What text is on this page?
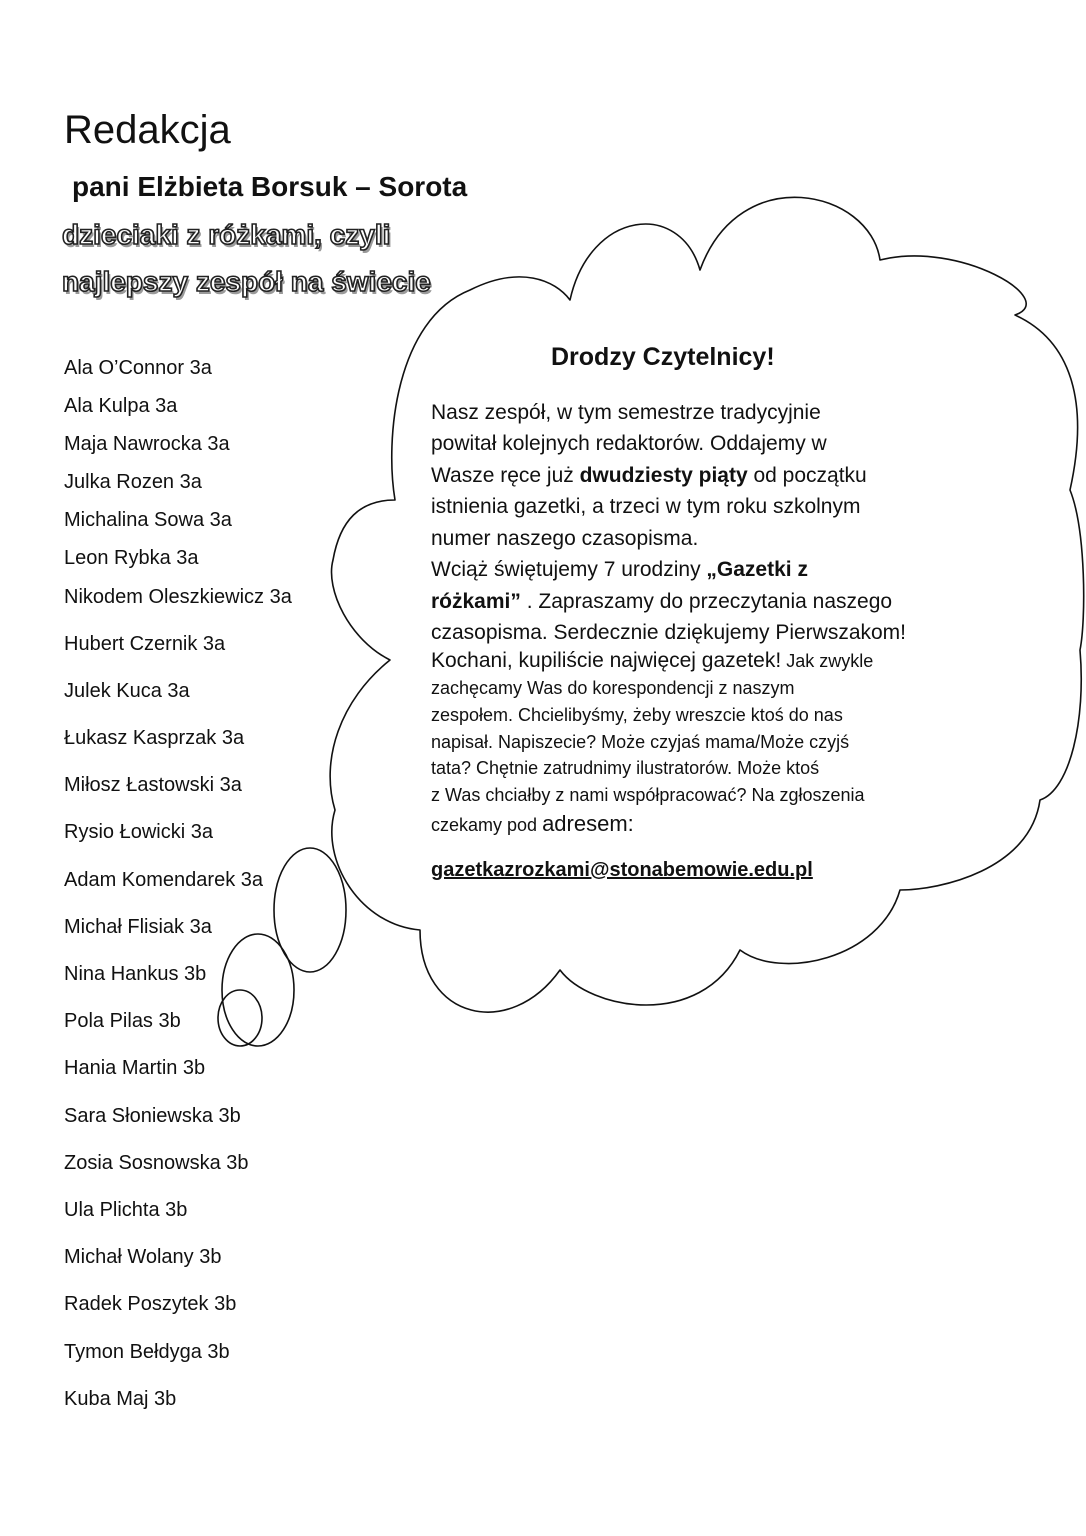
Redakcja
pani Elżbieta Borsuk – Sorota
dzieciaki z różkami, czyli
najlepszy zespół na świecie
Ala O’Connor 3a
Ala Kulpa 3a
Maja Nawrocka 3a
Julka Rozen 3a
Michalina Sowa 3a
Leon Rybka 3a
Nikodem Oleszkiewicz 3a
Hubert Czernik 3a
Julek Kuca 3a
Łukasz Kasprzak 3a
Miłosz Łastowski 3a
Rysio Łowicki 3a
Adam Komendarek 3a
Michał Flisiak 3a
Nina Hankus 3b
Pola Pilas 3b
Hania Martin 3b
Sara Słoniewska 3b
Zosia Sosnowska 3b
Ula Plichta 3b
Michał Wolany 3b
Radek Poszytek 3b
Tymon Bełdyga 3b
Kuba Maj 3b
Drodzy Czytelnicy!
Nasz zespół, w tym semestrze tradycyjnie
powitał kolejnych redaktorów. Oddajemy w
Wasze ręce już dwudziesty piąty od początku
istnienia gazetki, a trzeci w tym roku szkolnym
numer naszego czasopisma.
Wciąż świętujemy 7 urodziny „Gazetki z
różkami” . Zapraszamy do przeczytania naszego
czasopisma. Serdecznie dziękujemy Pierwszakom!
Kochani, kupiliście najwięcej gazetek! Jak zwykle
zachęcamy Was do korespondencji z naszym
zespołem. Chcielibyśmy, żeby wreszcie ktoś do nas
napisał. Napiszecie? Może czyjaś mama/Może czyjś
tata? Chętnie zatrudnimy ilustratorów. Może ktoś
z Was chciałby z nami współpracować? Na zgłoszenia
czekamy pod adresem:
gazetkazrozkami@stonabemowie.edu.pl
